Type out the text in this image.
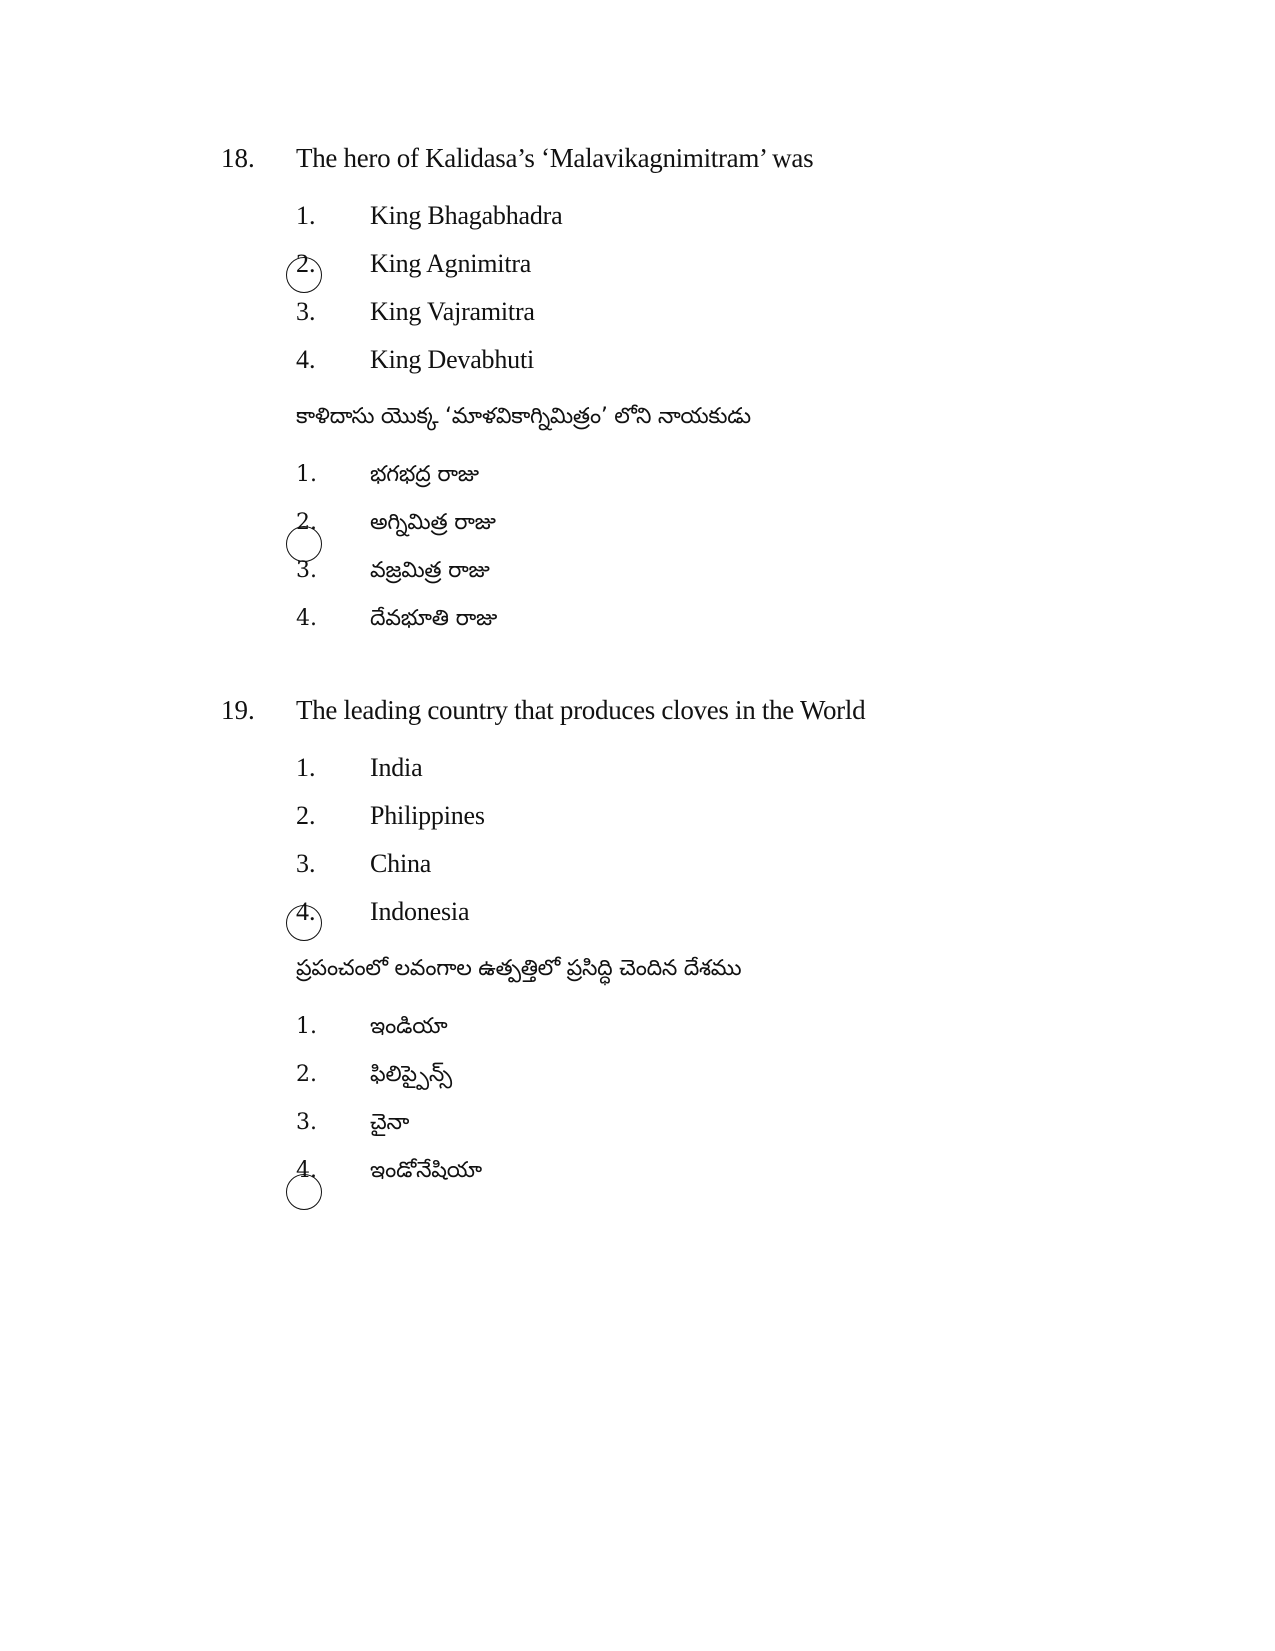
18. The hero of Kalidasa’s ‘Malavikagnimitram’ was
1. King Bhagabhadra
2. King Agnimitra
3. King Vajramitra
4. King Devabhuti
కాళిదాసు యొక్క ‘మాళవికాగ్నిమిత్రం’ లోని నాయకుడు
1. భగభద్ర రాజు
2. అగ్నిమిత్ర రాజు
3. వజ్రమిత్ర రాజు
4. దేవభూతి రాజు
19. The leading country that produces cloves in the World
1. India
2. Philippines
3. China
4. Indonesia
ప్రపంచంలో లవంగాల ఉత్పత్తిలో ప్రసిద్ధి చెందిన దేశము
1. ఇండియా
2. ఫిలిప్పైన్స్
3. చైనా
4. ఇండోనేషియా
